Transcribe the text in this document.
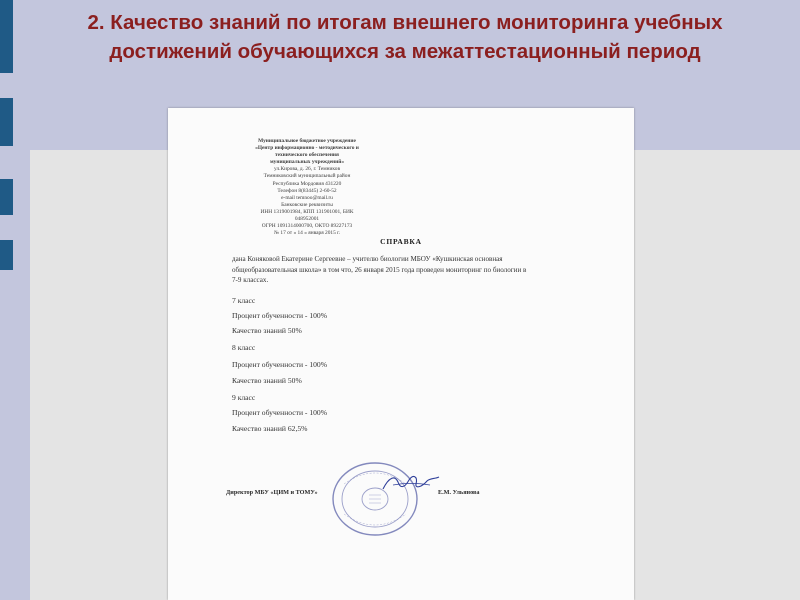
2. Качество знаний по итогам внешнего мониторинга учебных достижений обучающихся за межаттестационный период
Муниципальное бюджетное учреждение
«Центр информационно - методического и
технического обеспечения
муниципальных учреждений»
ул.Кирова, д. 26, г. Темников
Темниковский муниципальный район
Республика Мордовия 431220
Телефон 8(83445) 2-60-52
e-mail temnoo@mail.ru
Банковские реквизиты
ИНН 1319001984, КПП 131901001, БИК
048952001
ОГРН 1091314000700, ОКТО 89227173
№ 17 от « 14 » января 2015 г.
СПРАВКА
дана Коняковой Екатерине Сергеевне – учителю биологии МБОУ «Кушкинская основная общеобразовательная школа» в том что, 26 января 2015 года проведен мониторинг по биологии в 7-9 классах.
7 класс
Процент обученности - 100%
Качество знаний 50%
8 класс
Процент обученности - 100%
Качество знаний 50%
9 класс
Процент обученности - 100%
Качество знаний 62,5%
Директор МБУ «ЦИМ и ТОМУ»	Е.М. Ульянова
